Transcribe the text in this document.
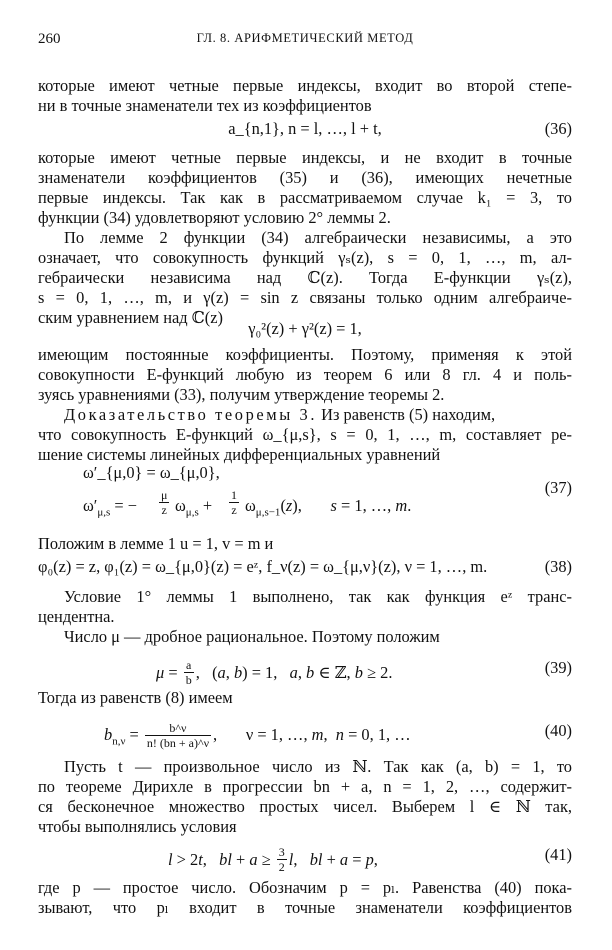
260	ГЛ. 8. АРИФМЕТИЧЕСКИЙ МЕТОД
которые имеют четные первые индексы, входит во второй степе-
ни в точные знаменатели тех из коэффициентов
a_{n,1}, n = l, …, l + t,	(36)
которые имеют четные первые индексы, и не входит в точные
знаменатели коэффициентов (35) и (36), имеющих нечетные
первые индексы. Так как в рассматриваемом случае k₁ = 3, то
функции (34) удовлетворяют условию 2° леммы 2.
По лемме 2 функции (34) алгебраически независимы, а это
означает, что совокупность функций γₛ(z), s = 0, 1, …, m, ал-
гебраически независима над ℂ(z). Тогда E-функции γₛ(z),
s = 0, 1, …, m, и γ(z) = sin z связаны только одним алгебраиче-
ским уравнением над ℂ(z)
γ₀²(z) + γ²(z) = 1,
имеющим постоянные коэффициенты. Поэтому, применяя к этой
совокупности E-функций любую из теорем 6 или 8 гл. 4 и поль-
зуясь уравнениями (33), получим утверждение теоремы 2.
Доказательство теоремы 3. Из равенств (5) находим,
что совокупность E-функций ω_{μ,s}, s = 0, 1, …, m, составляет ре-
шение системы линейных дифференциальных уравнений
ω′_{μ,0} = ω_{μ,0},
$\omega'_{\mu,s}$ = − $\frac{\mu}{z} \omega_{\mu,s} + \frac{1}{z} \omega_{\mu,s-1}(z)$,       s = 1, …, m.
(37)
Положим в лемме 1 u = 1, v = m и
φ₀(z) = z, φ₁(z) = ω_{μ,0}(z) = eᶻ, f_ν(z) = ω_{μ,ν}(z), ν = 1, …, m.	(38)
Условие 1° леммы 1 выполнено, так как функция eᶻ транс-
цендентна.
Число μ — дробное рациональное. Поэтому положим
$\mu = \frac{a}{b}$ ,   (a, b) = 1,   a, b ∈ ℤ, b ≥ 2.	(39)
Тогда из равенств (8) имеем
$b_{n,\nu} = \frac{b\^{}\nu}{n! (bn + a)\^{}\nu}$ ,       ν = 1, …, m,  n = 0, 1, …	(40)
Пусть t — произвольное число из ℕ. Так как (a, b) = 1, то
по теореме Дирихле в прогрессии bn + a, n = 1, 2, …, содержит-
ся бесконечное множество простых чисел. Выберем l ∈ ℕ так,
чтобы выполнялись условия
l > 2t,   bl + $a \ge \frac{3}{2} l$,   bl + a = p,	(41)
где p — простое число. Обозначим p = pₗ. Равенства (40) пока-
зывают, что pₗ входит в точные знаменатели коэффициентов
